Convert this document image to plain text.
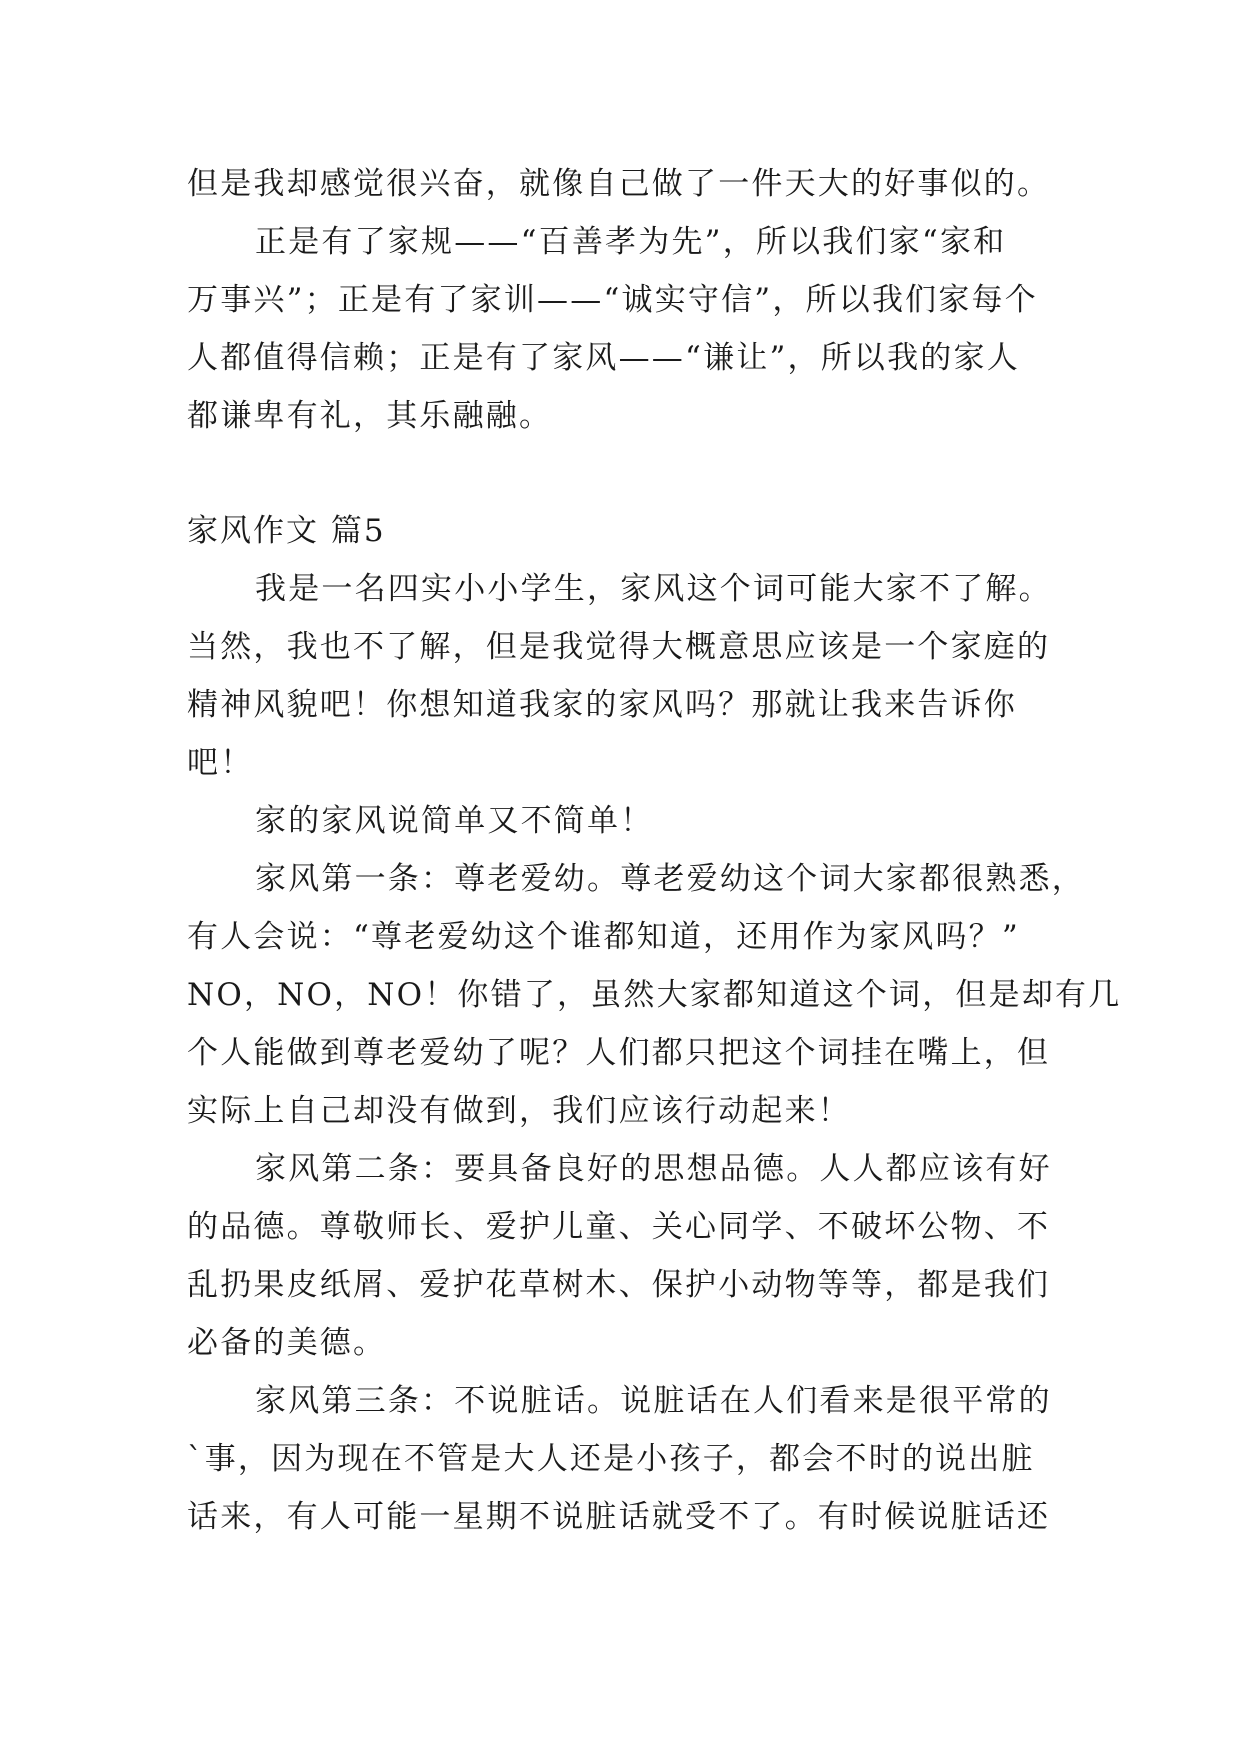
但是我却感觉很兴奋，就像自己做了一件天大的好事似的。
正是有了家规——“百善孝为先”，所以我们家“家和
万事兴”；正是有了家训——“诚实守信”，所以我们家每个
人都值得信赖；正是有了家风——“谦让”，所以我的家人
都谦卑有礼，其乐融融。
家风作文 篇5
我是一名四实小小学生，家风这个词可能大家不了解。
当然，我也不了解，但是我觉得大概意思应该是一个家庭的
精神风貌吧！你想知道我家的家风吗？那就让我来告诉你
吧！
家的家风说简单又不简单！
家风第一条：尊老爱幼。尊老爱幼这个词大家都很熟悉，
有人会说：“尊老爱幼这个谁都知道，还用作为家风吗？”
NO，NO，NO！你错了，虽然大家都知道这个词，但是却有几
个人能做到尊老爱幼了呢？人们都只把这个词挂在嘴上，但
实际上自己却没有做到，我们应该行动起来！
家风第二条：要具备良好的思想品德。人人都应该有好
的品德。尊敬师长、爱护儿童、关心同学、不破坏公物、不
乱扔果皮纸屑、爱护花草树木、保护小动物等等，都是我们
必备的美德。
家风第三条：不说脏话。说脏话在人们看来是很平常的
`事，因为现在不管是大人还是小孩子，都会不时的说出脏
话来，有人可能一星期不说脏话就受不了。有时候说脏话还
